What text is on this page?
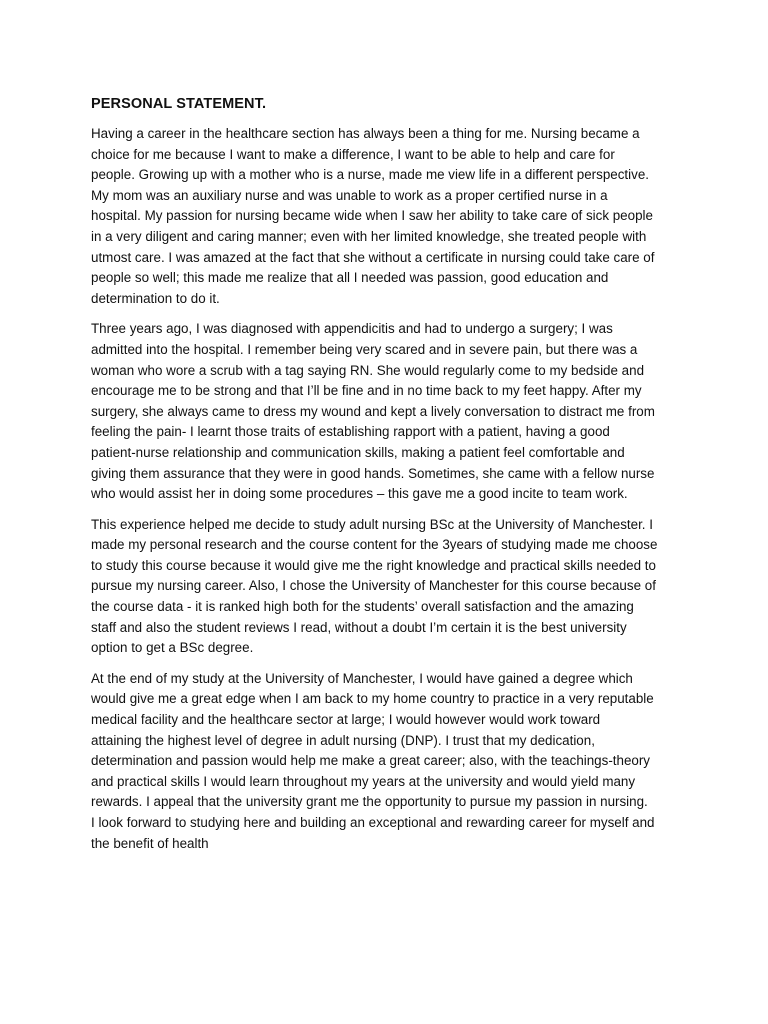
PERSONAL STATEMENT.
Having a career in the healthcare section has always been a thing for me. Nursing became a
choice for me because I want to make a difference, I want to be able to help and care for
people. Growing up with a mother who is a nurse, made me view life in a different perspective.
My mom was an auxiliary nurse and was unable to work as a proper certified nurse in a
hospital. My passion for nursing became wide when I saw her ability to take care of sick people
in a very diligent and caring manner; even with her limited knowledge, she treated people with
utmost care. I was amazed at the fact that she without a certificate in nursing could take care of
people so well; this made me realize that all I needed was passion, good education and
determination to do it.
Three years ago, I was diagnosed with appendicitis and had to undergo a surgery; I was
admitted into the hospital. I remember being very scared and in severe pain, but there was a
woman who wore a scrub with a tag saying RN. She would regularly come to my bedside and
encourage me to be strong and that I’ll be fine and in no time back to my feet happy. After my
surgery, she always came to dress my wound and kept a lively conversation to distract me from
feeling the pain- I learnt those traits of establishing rapport with a patient, having a good
patient-nurse relationship and communication skills, making a patient feel comfortable and
giving them assurance that they were in good hands. Sometimes, she came with a fellow nurse
who would assist her in doing some procedures – this gave me a good incite to team work.
This experience helped me decide to study adult nursing BSc at the University of Manchester. I
made my personal research and the course content for the 3years of studying made me choose
to study this course because it would give me the right knowledge and practical skills needed to
pursue my nursing career. Also, I chose the University of Manchester for this course because of
the course data - it is ranked high both for the students’ overall satisfaction and the amazing
staff and also the student reviews I read, without a doubt I’m certain it is the best university
option to get a BSc degree.
At the end of my study at the University of Manchester, I would have gained a degree which
would give me a great edge when I am back to my home country to practice in a very reputable
medical facility and the healthcare sector at large; I would however would work toward
attaining the highest level of degree in adult nursing (DNP). I trust that my dedication,
determination and passion would help me make a great career; also, with the teachings-theory
and practical skills I would learn throughout my years at the university and would yield many
rewards. I appeal that the university grant me the opportunity to pursue my passion in nursing.
I look forward to studying here and building an exceptional and rewarding career for myself and
the benefit of health
